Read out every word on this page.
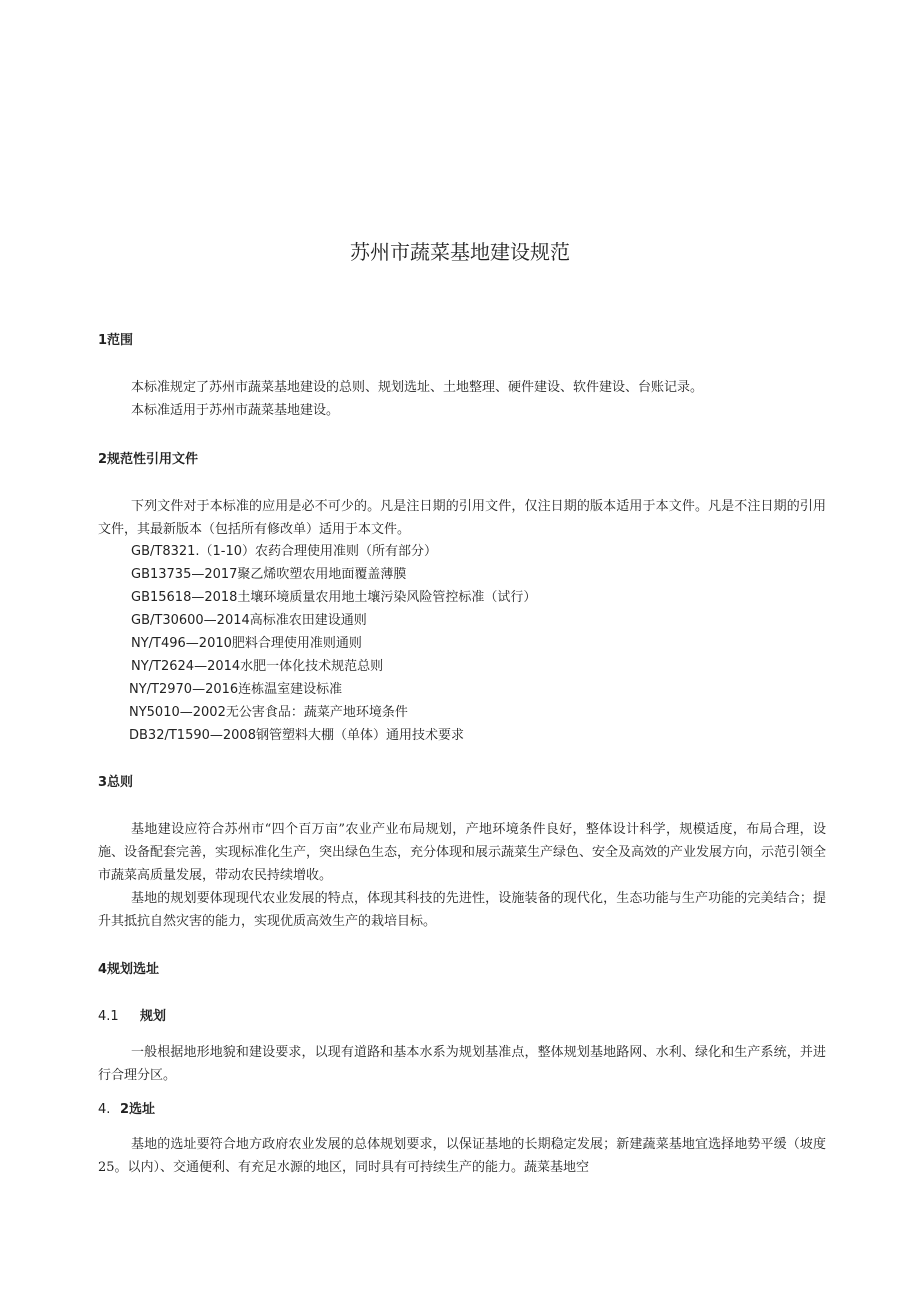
苏州市蔬菜基地建设规范
1范围

本标准规定了苏州市蔬菜基地建设的总则、规划选址、土地整理、硬件建设、软件建设、台账记录。

本标准适用于苏州市蔬菜基地建设。

2规范性引用文件

下列文件对于本标准的应用是必不可少的。凡是注日期的引用文件，仅注日期的版本适用于本文件。凡是不注日期的引用文件，其最新版本（包括所有修改单）适用于本文件。

GB/T8321.（1-10）农药合理使用准则（所有部分）
GB13735—2017聚乙烯吹塑农用地面覆盖薄膜
GB15618—2018土壤环境质量农用地土壤污染风险管控标准（试行）
GB/T30600—2014高标准农田建设通则
NY/T496—2010肥料合理使用准则通则
NY/T2624—2014水肥一体化技术规范总则
NY/T2970—2016连栋温室建设标准
NY5010—2002无公害食品：蔬菜产地环境条件
DB32/T1590—2008钢管塑料大棚（单体）通用技术要求
3总则

基地建设应符合苏州市“四个百万亩”农业产业布局规划，产地环境条件良好，整体设计科学，规模适度，布局合理，设施、设备配套完善，实现标准化生产，突出绿色生态，充分体现和展示蔬菜生产绿色、安全及高效的产业发展方向，示范引领全市蔬菜高质量发展，带动农民持续增收。

基地的规划要体现现代农业发展的特点，体现其科技的先进性，设施装备的现代化，生态功能与生产功能的完美结合；提升其抵抗自然灾害的能力，实现优质高效生产的栽培目标。

4规划选址
4.1 规划

一般根据地形地貌和建设要求，以现有道路和基本水系为规划基准点，整体规划基地路网、水利、绿化和生产系统，并进行合理分区。

4. 2选址

基地的选址要符合地方政府农业发展的总体规划要求，以保证基地的长期稳定发展；新建蔬菜基地宜选择地势平缓（坡度25。以内）、交通便利、有充足水源的地区，同时具有可持续生产的能力。蔬菜基地空
